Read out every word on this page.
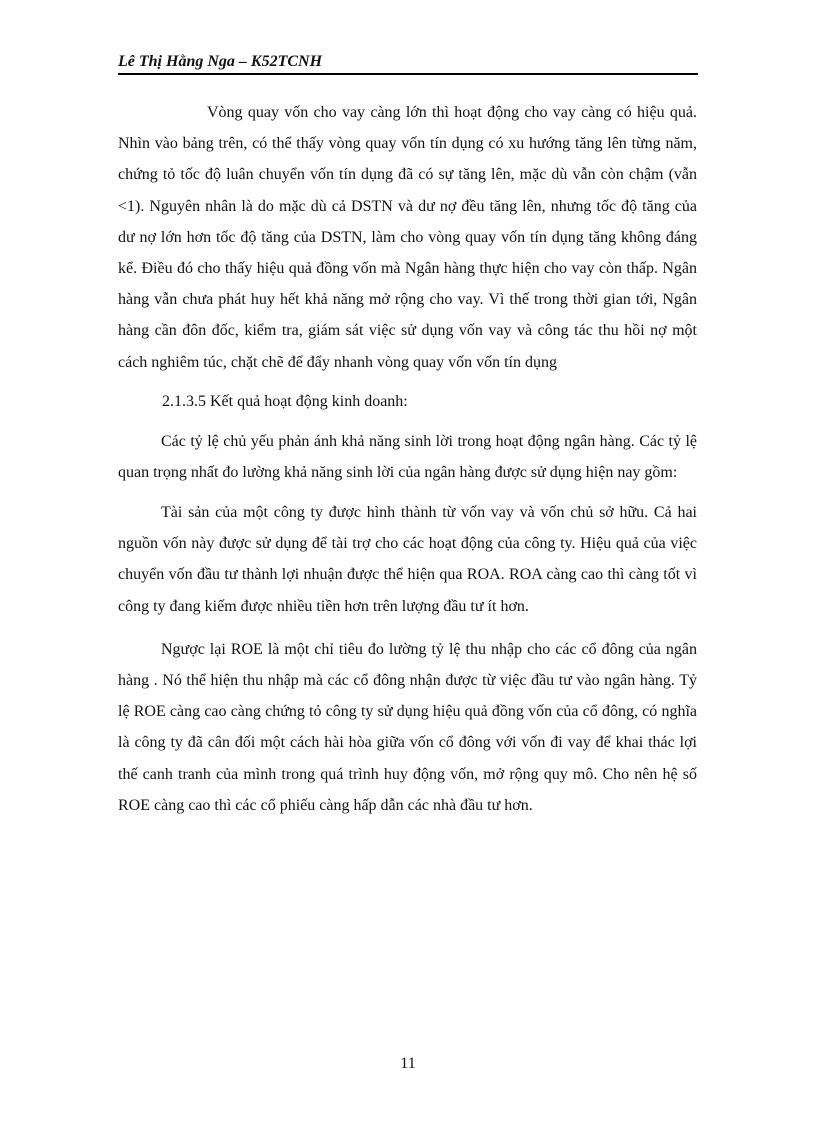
Lê Thị Hằng Nga – K52TCNH

Vòng quay vốn cho vay càng lớn thì hoạt động cho vay càng có hiệu quả. Nhìn vào bảng trên, có thể thấy vòng quay vốn tín dụng có xu hướng tăng lên từng năm, chứng tỏ tốc độ luân chuyển vốn tín dụng đã có sự tăng lên, mặc dù vẫn còn chậm (vẫn <1). Nguyên nhân là do mặc dù cả DSTN và dư nợ đều tăng lên, nhưng tốc độ tăng của dư nợ lớn hơn tốc độ tăng của DSTN, làm cho vòng quay vốn tín dụng tăng không đáng kể. Điều đó cho thấy hiệu quả đồng vốn mà Ngân hàng thực hiện cho vay còn thấp. Ngân hàng vẫn chưa phát huy hết khả năng mở rộng cho vay. Vì thế trong thời gian tới, Ngân hàng cần đôn đốc, kiểm tra, giám sát việc sử dụng vốn vay và công tác thu hồi nợ một cách nghiêm túc, chặt chẽ để đẩy nhanh vòng quay vốn vốn tín dụng

2.1.3.5 Kết quả hoạt động kinh doanh:

Các tỷ lệ chủ yếu phản ánh khả năng sinh lời trong hoạt động ngân hàng. Các tỷ lệ quan trọng nhất đo lường khả năng sinh lời của ngân hàng được sử dụng hiện nay gồm:

Tài sản của một công ty được hình thành từ vốn vay và vốn chủ sở hữu. Cả hai nguồn vốn này được sử dụng để tài trợ cho các hoạt động của công ty. Hiệu quả của việc chuyển vốn đầu tư thành lợi nhuận được thể hiện qua ROA. ROA càng cao thì càng tốt vì công ty đang kiếm được nhiều tiền hơn trên lượng đầu tư ít hơn.

Ngược lại ROE là một chỉ tiêu đo lường tỷ lệ thu nhập cho các cổ đông của ngân hàng . Nó thể hiện thu nhập mà các cổ đông nhận được từ việc đầu tư vào ngân hàng. Tỷ lệ ROE càng cao càng chứng tỏ công ty sử dụng hiệu quả đồng vốn của cổ đông, có nghĩa là công ty đã cân đối một cách hài hòa giữa vốn cổ đông với vốn đi vay để khai thác lợi thế canh tranh của mình trong quá trình huy động vốn, mở rộng quy mô. Cho nên hệ số ROE càng cao thì các cổ phiếu càng hấp dẫn các nhà đầu tư hơn.

11
